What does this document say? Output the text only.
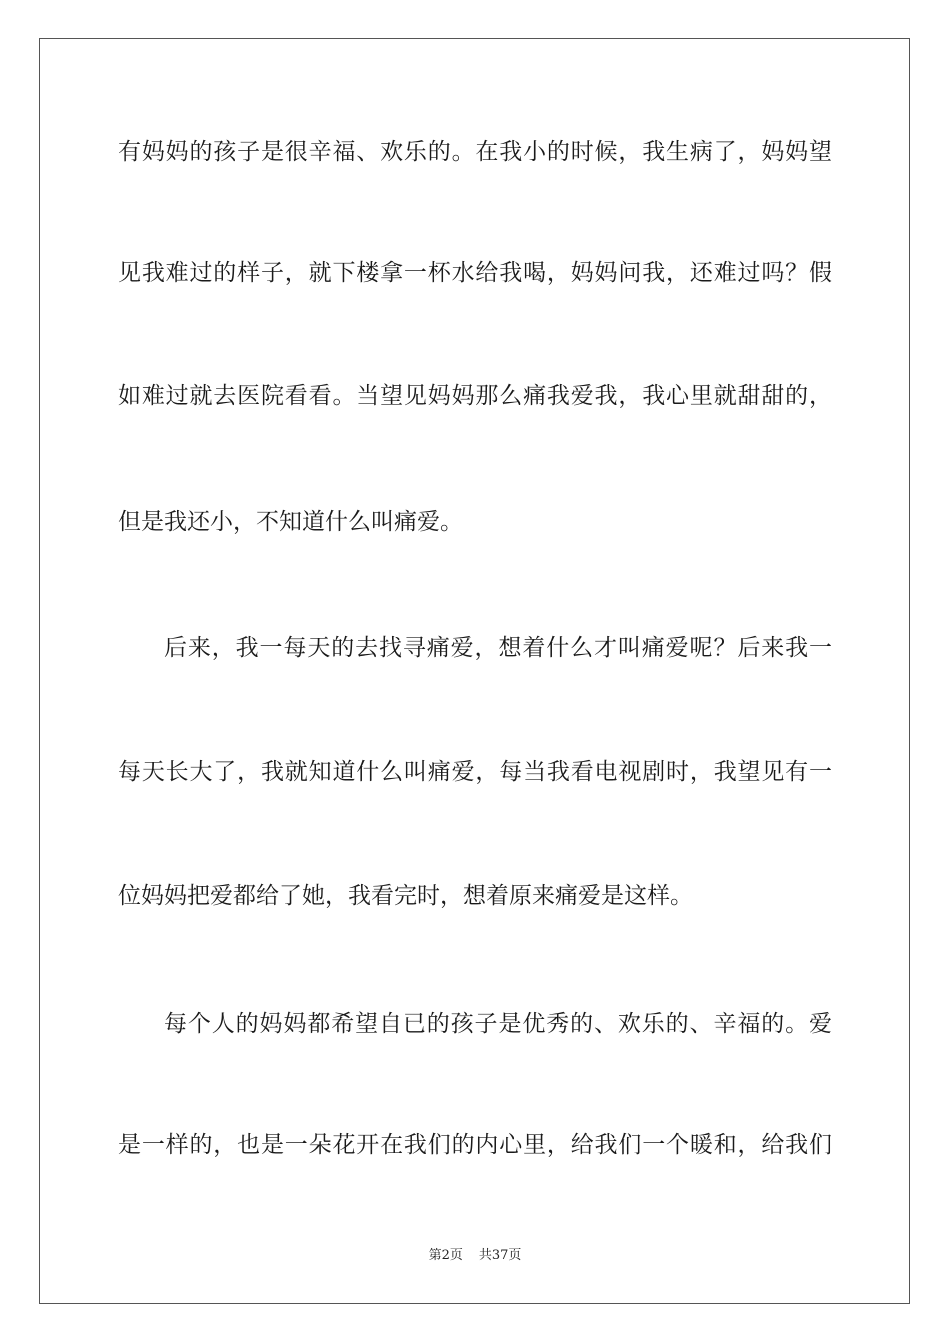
有妈妈的孩子是很辛福、欢乐的。在我小的时候，我生病了，妈妈望
见我难过的样子，就下楼拿一杯水给我喝，妈妈问我，还难过吗？假
如难过就去医院看看。当望见妈妈那么痛我爱我，我心里就甜甜的，
但是我还小，不知道什么叫痛爱。
后来，我一每天的去找寻痛爱，想着什么才叫痛爱呢？后来我一
每天长大了，我就知道什么叫痛爱，每当我看电视剧时，我望见有一
位妈妈把爱都给了她，我看完时，想着原来痛爱是这样。
每个人的妈妈都希望自已的孩子是优秀的、欢乐的、辛福的。爱
是一样的，也是一朵花开在我们的内心里，给我们一个暖和，给我们
第2页 共37页
